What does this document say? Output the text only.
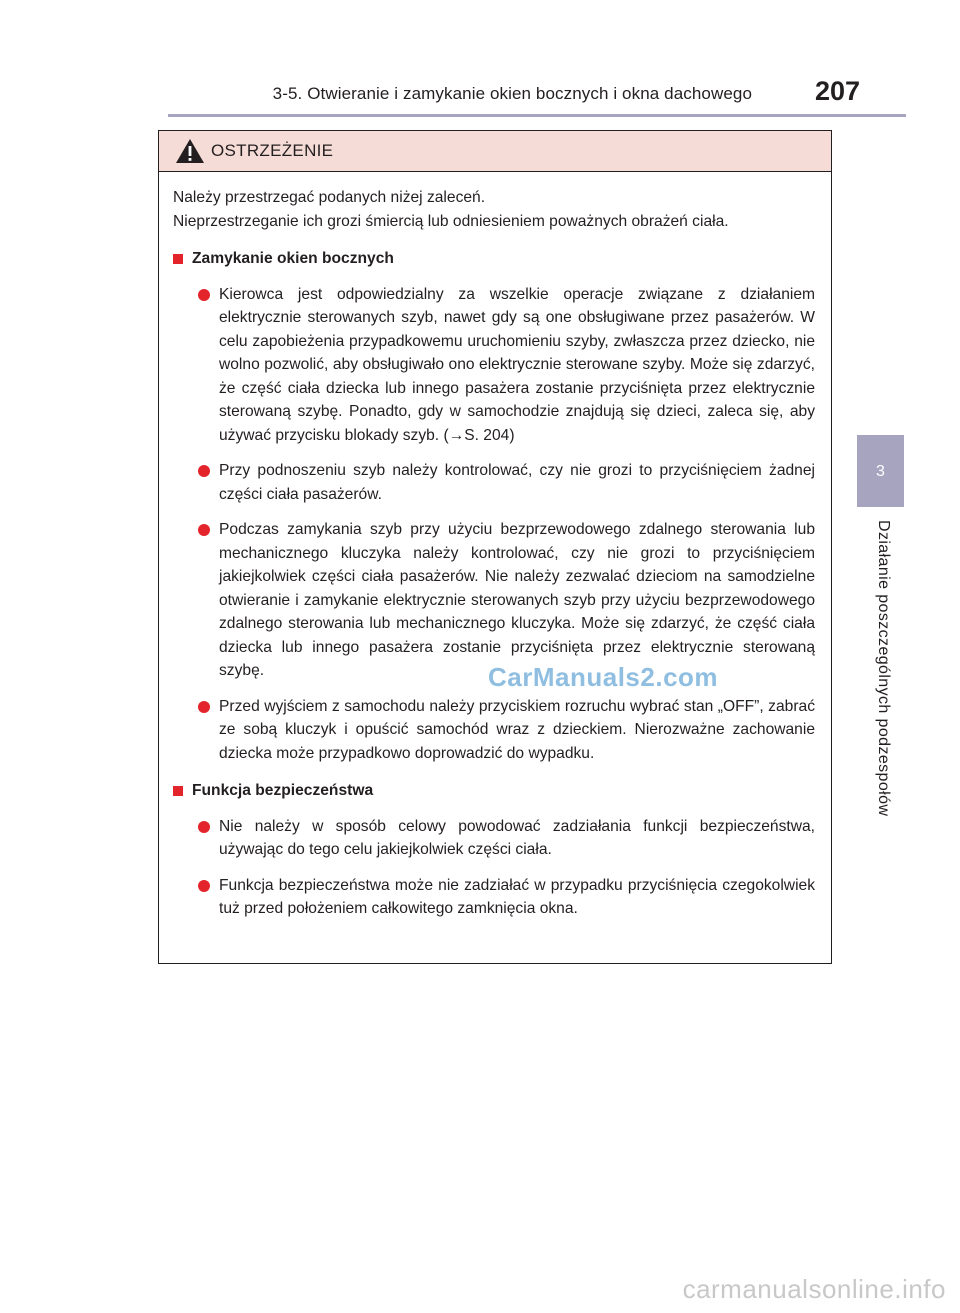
3-5. Otwieranie i zamykanie okien bocznych i okna dachowego	207
3
Działanie poszczególnych podzespołów
OSTRZEŻENIE

Należy przestrzegać podanych niżej zaleceń.

Nieprzestrzeganie ich grozi śmiercią lub odniesieniem poważnych obrażeń ciała.

Zamykanie okien bocznych
Kierowca jest odpowiedzialny za wszelkie operacje związane z działaniem elektrycznie sterowanych szyb, nawet gdy są one obsługiwane przez pasażerów. W celu zapobieżenia przypadkowemu uruchomieniu szyby, zwłaszcza przez dziecko, nie wolno pozwolić, aby obsługiwało ono elektrycznie sterowane szyby. Może się zdarzyć, że część ciała dziecka lub innego pasażera zostanie przyciśnięta przez elektrycznie sterowaną szybę. Ponadto, gdy w samochodzie znajdują się dzieci, zaleca się, aby używać przycisku blokady szyb. (→S. 204)
Przy podnoszeniu szyb należy kontrolować, czy nie grozi to przyciśnięciem żadnej części ciała pasażerów.
Podczas zamykania szyb przy użyciu bezprzewodowego zdalnego sterowania lub mechanicznego kluczyka należy kontrolować, czy nie grozi to przyciśnięciem jakiejkolwiek części ciała pasażerów. Nie należy zezwalać dzieciom na samodzielne otwieranie i zamykanie elektrycznie sterowanych szyb przy użyciu bezprzewodowego zdalnego sterowania lub mechanicznego kluczyka. Może się zdarzyć, że część ciała dziecka lub innego pasażera zostanie przyciśnięta przez elektrycznie sterowaną szybę.
Przed wyjściem z samochodu należy przyciskiem rozruchu wybrać stan „OFF”, zabrać ze sobą kluczyk i opuścić samochód wraz z dzieckiem. Nierozważne zachowanie dziecka może przypadkowo doprowadzić do wypadku.
Funkcja bezpieczeństwa
Nie należy w sposób celowy powodować zadziałania funkcji bezpieczeństwa, używając do tego celu jakiejkolwiek części ciała.
Funkcja bezpieczeństwa może nie zadziałać w przypadku przyciśnięcia czegokolwiek tuż przed położeniem całkowitego zamknięcia okna.
CarManuals2.com
carmanualsonline.info
